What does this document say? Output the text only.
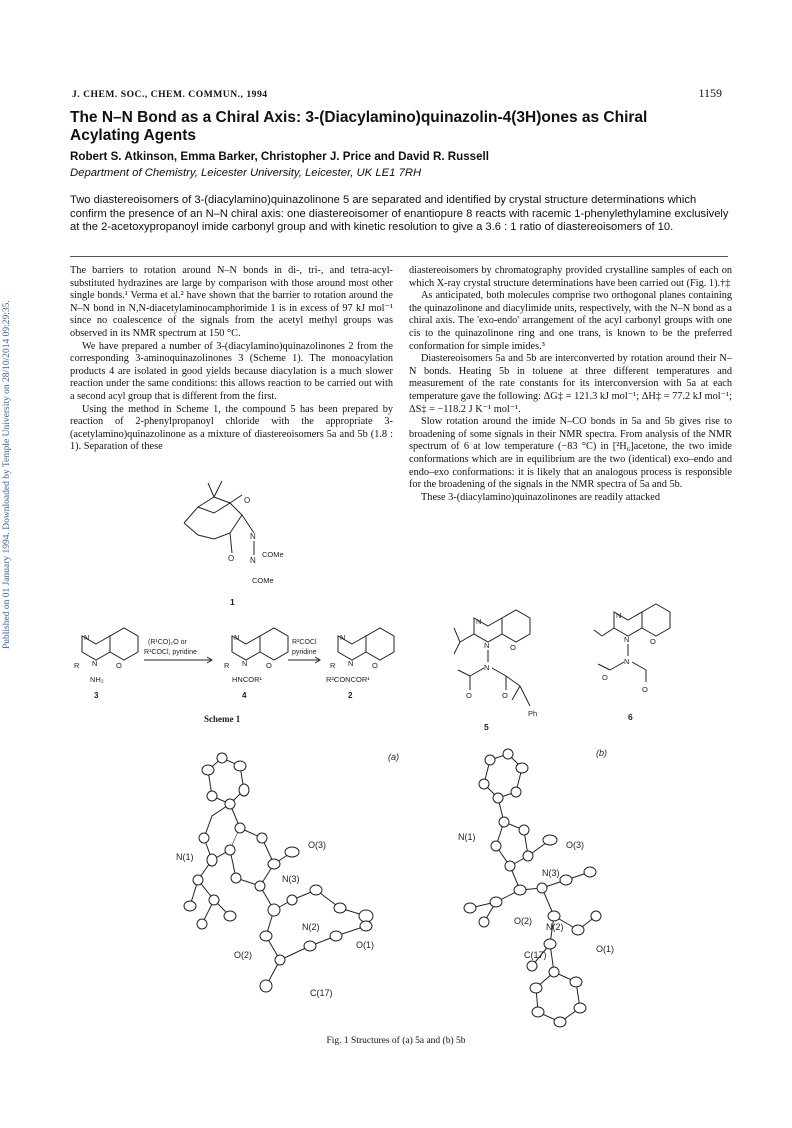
Published on 01 January 1994. Downloaded by Temple University on 28/10/2014 09:29:35.
J. CHEM. SOC., CHEM. COMMUN., 1994	1159
The N–N Bond as a Chiral Axis: 3-(Diacylamino)quinazolin-4(3H)ones as Chiral Acylating Agents
Robert S. Atkinson, Emma Barker, Christopher J. Price and David R. Russell
Department of Chemistry, Leicester University, Leicester, UK LE1 7RH
Two diastereoisomers of 3-(diacylamino)quinazolinone 5 are separated and identified by crystal structure determinations which confirm the presence of an N–N chiral axis: one diastereoisomer of enantiopure 8 reacts with racemic 1-phenylethylamine exclusively at the 2-acetoxypropanoyl imide carbonyl group and with kinetic resolution to give a 3.6 : 1 ratio of diastereoisomers of 10.

The barriers to rotation around N–N bonds in di-, tri-, and tetra-acyl-substituted hydrazines are large by comparison with those around most other single bonds.¹ Verma et al.² have shown that the barrier to rotation around the N–N bond in N,N-diacetylaminocamphorimide 1 is in excess of 97 kJ mol⁻¹ since no coalescence of the signals from the acetyl methyl groups was observed in its NMR spectrum at 150 °C.

We have prepared a number of 3-(diacylamino)quinazolinones 2 from the corresponding 3-aminoquinazolinones 3 (Scheme 1). The monoacylation products 4 are isolated in good yields because diacylation is a much slower reaction under the same conditions: this allows reaction to be carried out with a second acyl group that is different from the first.

Using the method in Scheme 1, the compound 5 has been prepared by reaction of 2-phenylpropanoyl chloride with the appropriate 3-(acetylamino)quinazolinone as a mixture of diastereoisomers 5a and 5b (1.8 : 1). Separation of these

diastereoisomers by chromatography provided crystalline samples of each on which X-ray crystal structure determinations have been carried out (Fig. 1).†‡

As anticipated, both molecules comprise two orthogonal planes containing the quinazolinone and diacylimide units, respectively, with the N–N bond as a chiral axis. The 'exo-endo' arrangement of the acyl carbonyl groups with one cis to the quinazolinone ring and one trans, is known to be the preferred conformation for simple imides.³

Diastereoisomers 5a and 5b are interconverted by rotation around their N–N bonds. Heating 5b in toluene at three different temperatures and measurement of the rate constants for its interconversion with 5a at each temperature gave the following: ΔG‡ = 121.3 kJ mol⁻¹; ΔH‡ = 77.2 kJ mol⁻¹; ΔS‡ = −118.2 J K⁻¹ mol⁻¹.

Slow rotation around the imide N–CO bonds in 5a and 5b gives rise to broadening of some signals in their NMR spectra. From analysis of the NMR spectrum of 6 at low temperature (−83 °C) in [²H₆]acetone, the two imide conformations which are in equilibrium are the two (identical) exo–endo and endo–exo conformations: it is likely that an analogous process is responsible for the broadening of the signals in the NMR spectra of 5a and 5b.

These 3-(diacylamino)quinazolinones are readily attacked

O
O
N
N
COMe
COMe
1
N
R N O
NH₂
3
(R¹CO)₂O or
R¹COCl, pyridine
N
R N O
HNCOR¹
4
R²COCl
pyridine
N
R N O
R²CONCOR¹
2
Scheme 1
N
N	O
N
O	O
Ph
5
N
N	O
N
O
O
6
O(3)
N(1)
N(3)
N(2)
O(1)
O(2)
C(17)
(a)
N(1)
O(3)
N(3)
O(2)
N(2)
C(17)
O(1)
(b)
Fig. 1 Structures of (a) 5a and (b) 5b
